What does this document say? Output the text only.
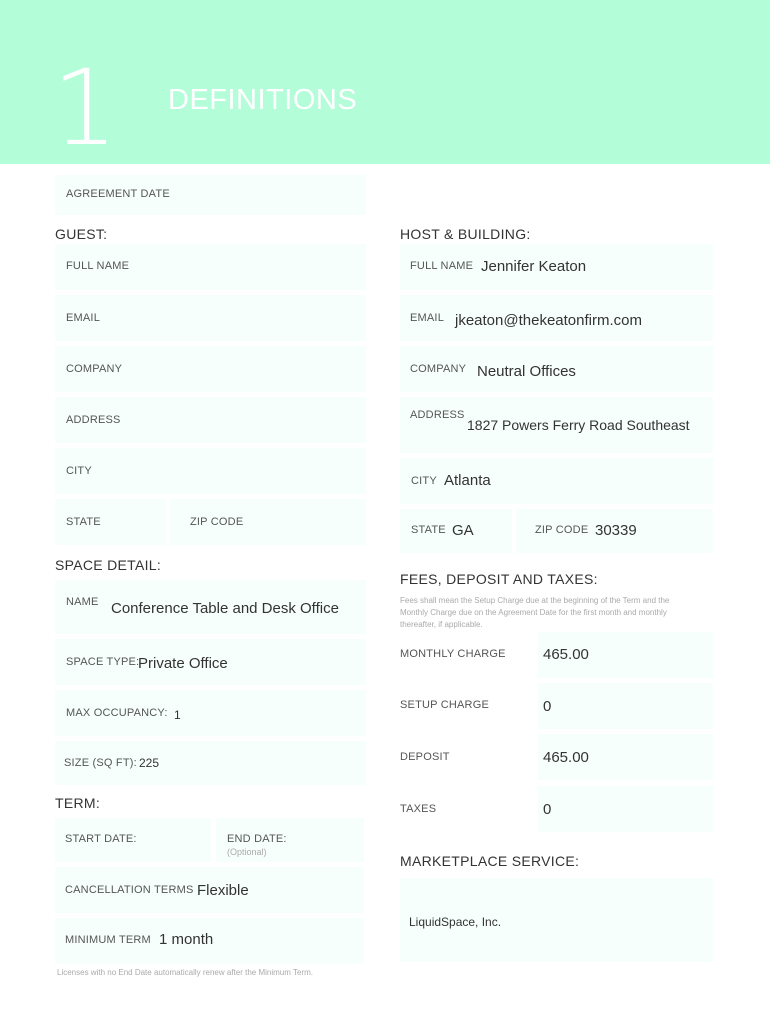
1 DEFINITIONS
AGREEMENT DATE
GUEST:
FULL NAME
EMAIL
COMPANY
ADDRESS
CITY
STATE	ZIP CODE
HOST & BUILDING:
FULL NAME Jennifer Keaton
EMAIL jkeaton@thekeatonfirm.com
COMPANY Neutral Offices
ADDRESS
1827 Powers Ferry Road Southeast
CITY Atlanta
STATE GA	ZIP CODE 30339
SPACE DETAIL:
NAME Conference Table and Desk Office
SPACE TYPE:
Private Office
MAX OCCUPANCY: 1
SIZE (SQ FT): 225
TERM:
START DATE:	END DATE:
(Optional)
CANCELLATION TERMS Flexible
MINIMUM TERM 1 month
Licenses with no End Date automatically renew after the Minimum Term.
FEES, DEPOSIT AND TAXES:
Fees shall mean the Setup Charge due at the beginning of the Term and the
Monthly Charge due on the Agreement Date for the first month and monthly
thereafter, if applicable.
MONTHLY CHARGE 465.00
SETUP CHARGE	0
DEPOSIT	465.00
TAXES	0
MARKETPLACE SERVICE:
LiquidSpace, Inc.
